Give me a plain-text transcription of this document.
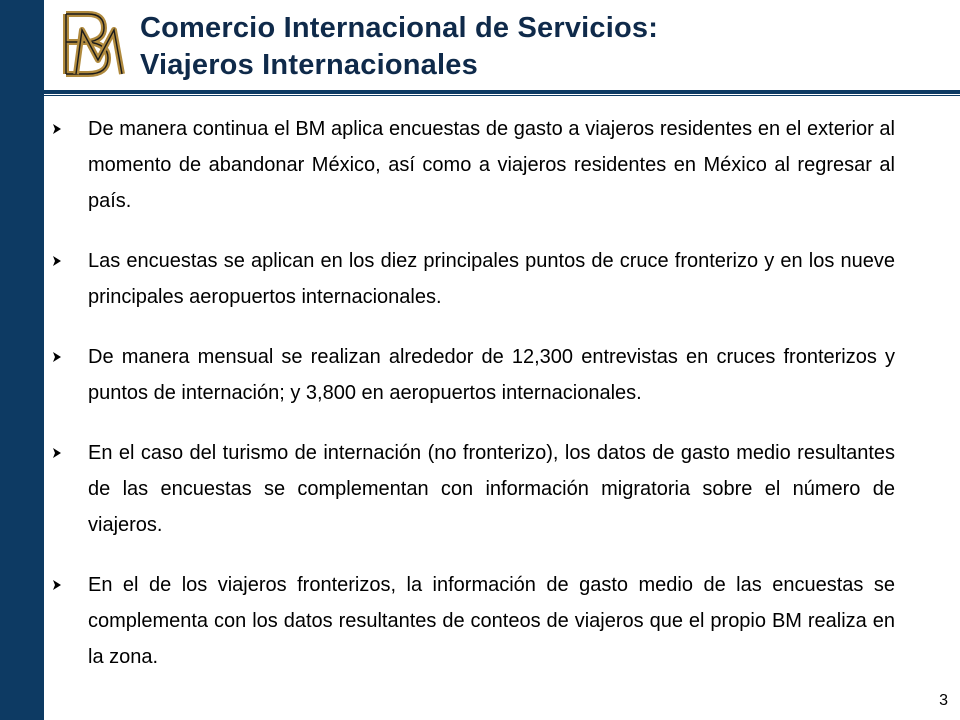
Comercio Internacional de Servicios:
Viajeros Internacionales
De manera continua el BM aplica encuestas de gasto a viajeros residentes en el exterior al momento de abandonar México, así como a viajeros residentes en México al regresar al país.
Las encuestas se aplican en los diez principales puntos de cruce fronterizo y en los nueve principales aeropuertos internacionales.
De manera mensual se realizan alrededor de 12,300 entrevistas en cruces fronterizos y puntos de internación; y 3,800 en aeropuertos internacionales.
En el caso del turismo de internación (no fronterizo), los datos de gasto medio resultantes de las encuestas se complementan con información migratoria sobre el número de viajeros.
En el de los viajeros fronterizos, la información de gasto medio de las encuestas se complementa con los datos resultantes de conteos de viajeros que el propio BM realiza en la zona.
3
